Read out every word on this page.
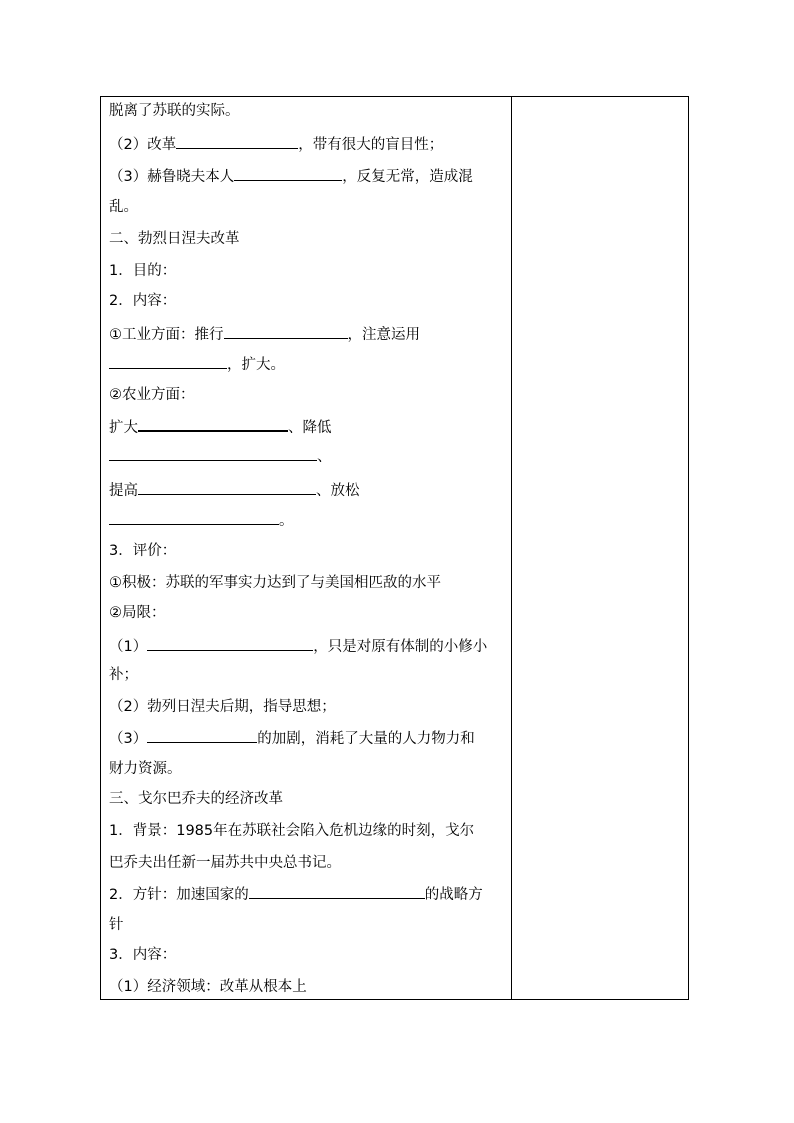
脱离了苏联的实际。
（2）改革	，带有很大的盲目性；
（3）赫鲁晓夫本人	，反复无常，造成混
乱。
二、勃烈日涅夫改革
1．目的：
2．内容：
①工业方面：推行	，注意运用
，扩大。
②农业方面：
扩大	、降低
、
提高	、放松
。
3．评价：
①积极：苏联的军事实力达到了与美国相匹敌的水平
②局限：
（1）	，只是对原有体制的小修小
补；
（2）勃列日涅夫后期，指导思想；
（3）	的加剧，消耗了大量的人力物力和
财力资源。
三、戈尔巴乔夫的经济改革
1．背景：1985年在苏联社会陷入危机边缘的时刻，戈尔
巴乔夫出任新一届苏共中央总书记。
2．方针：加速国家的	的战略方
针
3．内容：
（1）经济领域：改革从根本上
